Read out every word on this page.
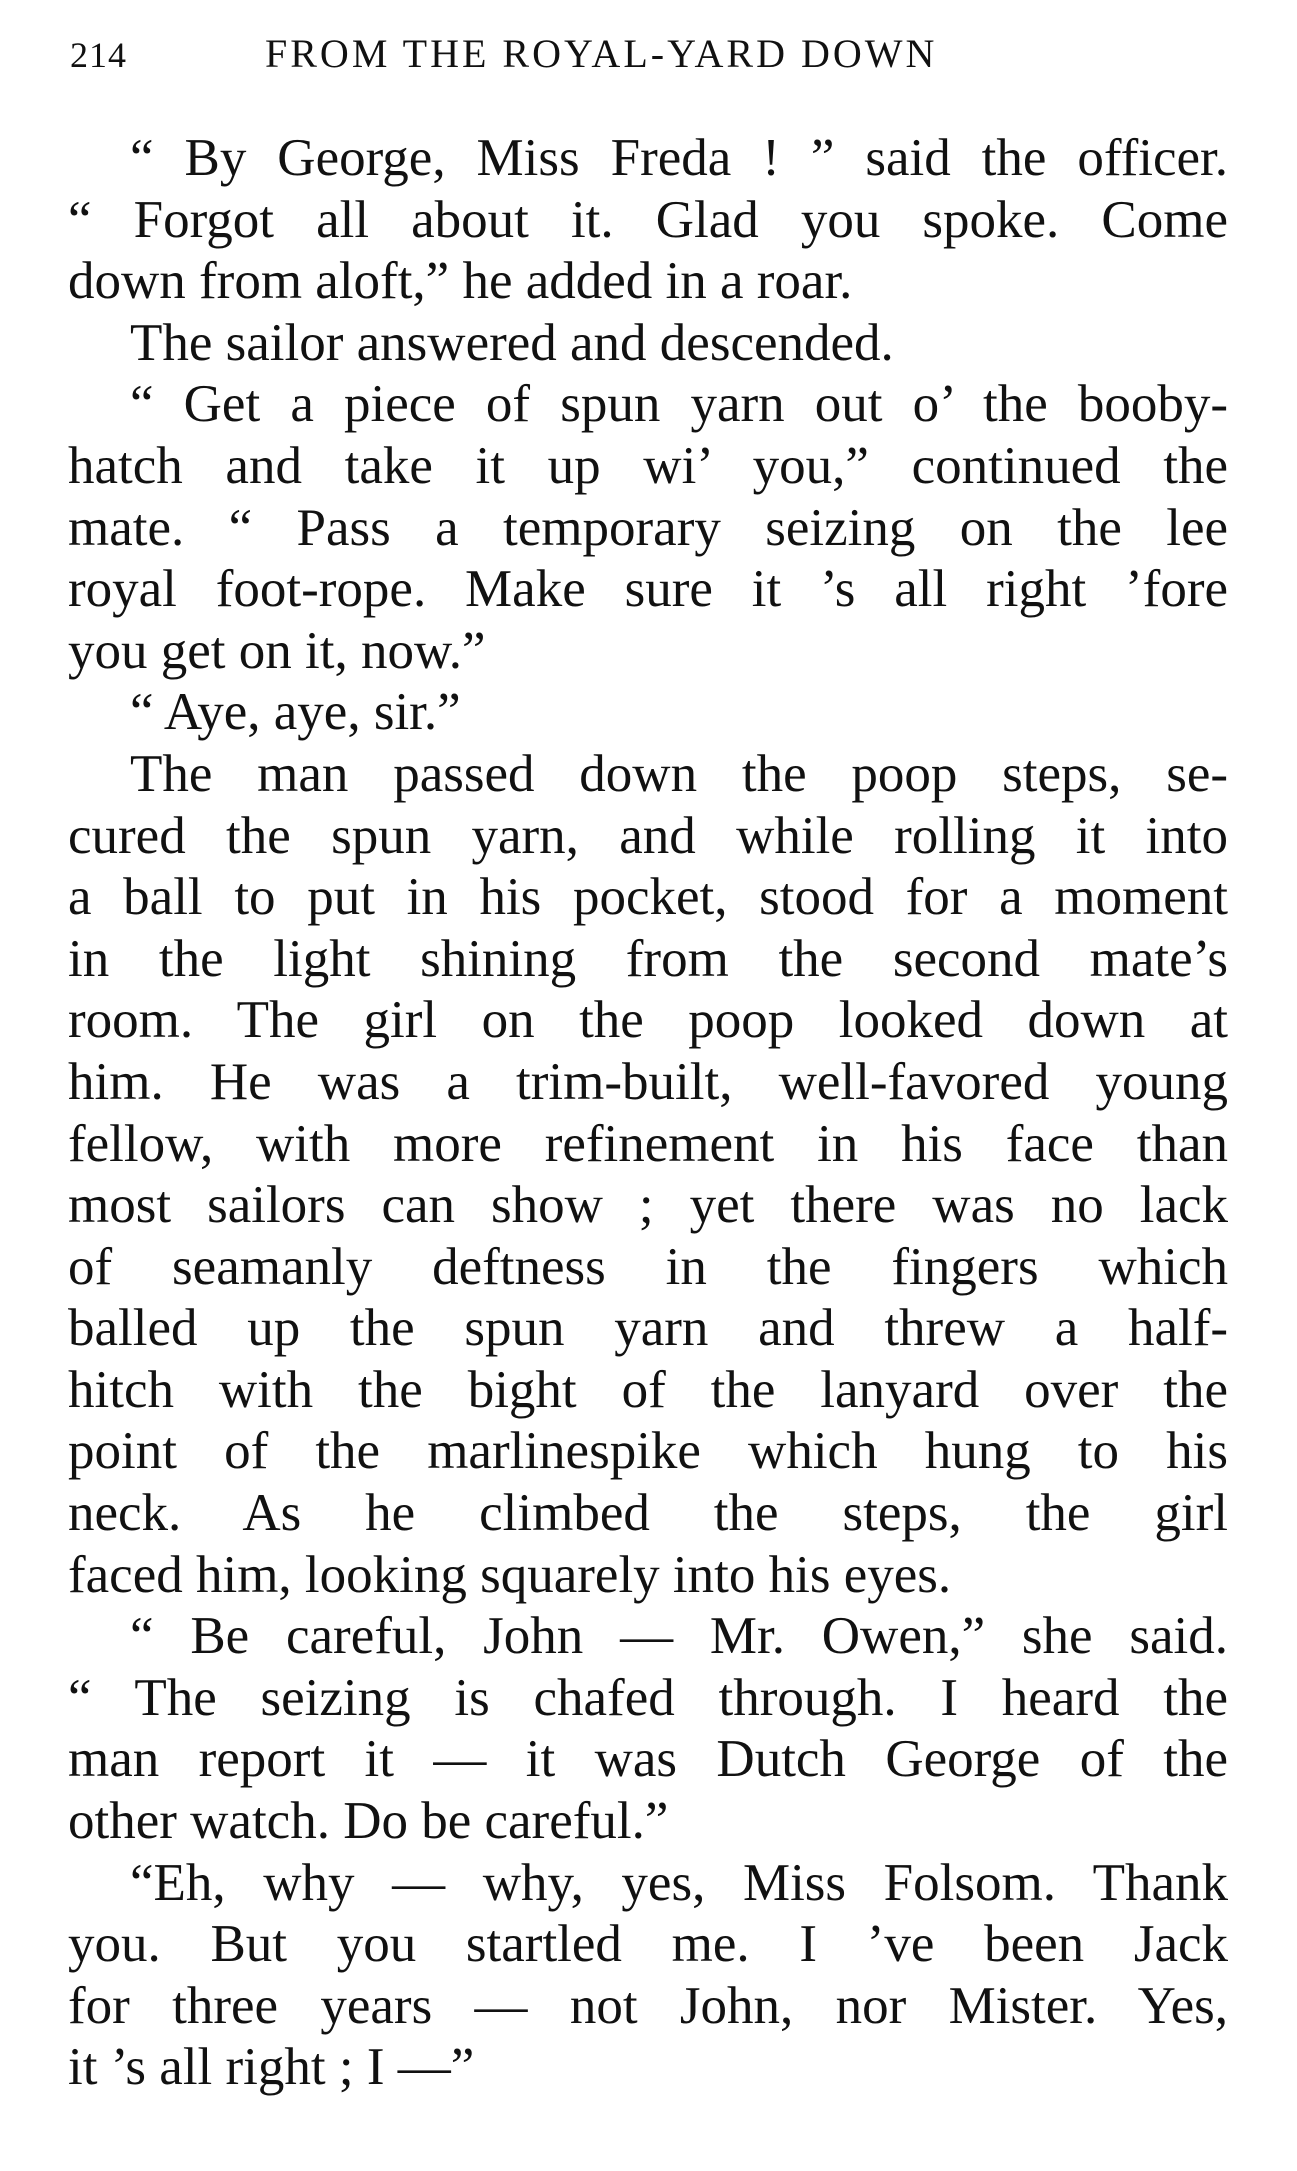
214	FROM THE ROYAL-YARD DOWN
“ By George, Miss Freda ! ” said the officer.
“ Forgot all about it. Glad you spoke. Come
down from aloft,” he added in a roar.
The sailor answered and descended.
“ Get a piece of spun yarn out o’ the booby-
hatch and take it up wi’ you,” continued the
mate. “ Pass a temporary seizing on the lee
royal foot-rope. Make sure it ’s all right ’fore
you get on it, now.”
“ Aye, aye, sir.”
The man passed down the poop steps, se-
cured the spun yarn, and while rolling it into
a ball to put in his pocket, stood for a moment
in the light shining from the second mate’s
room. The girl on the poop looked down at
him. He was a trim-built, well-favored young
fellow, with more refinement in his face than
most sailors can show ; yet there was no lack
of seamanly deftness in the fingers which
balled up the spun yarn and threw a half-
hitch with the bight of the lanyard over the
point of the marlinespike which hung to his
neck. As he climbed the steps, the girl
faced him, looking squarely into his eyes.
“ Be careful, John — Mr. Owen,” she said.
“ The seizing is chafed through. I heard the
man report it — it was Dutch George of the
other watch. Do be careful.”
“Eh, why — why, yes, Miss Folsom. Thank
you. But you startled me. I ’ve been Jack
for three years — not John, nor Mister. Yes,
it ’s all right ; I —”
